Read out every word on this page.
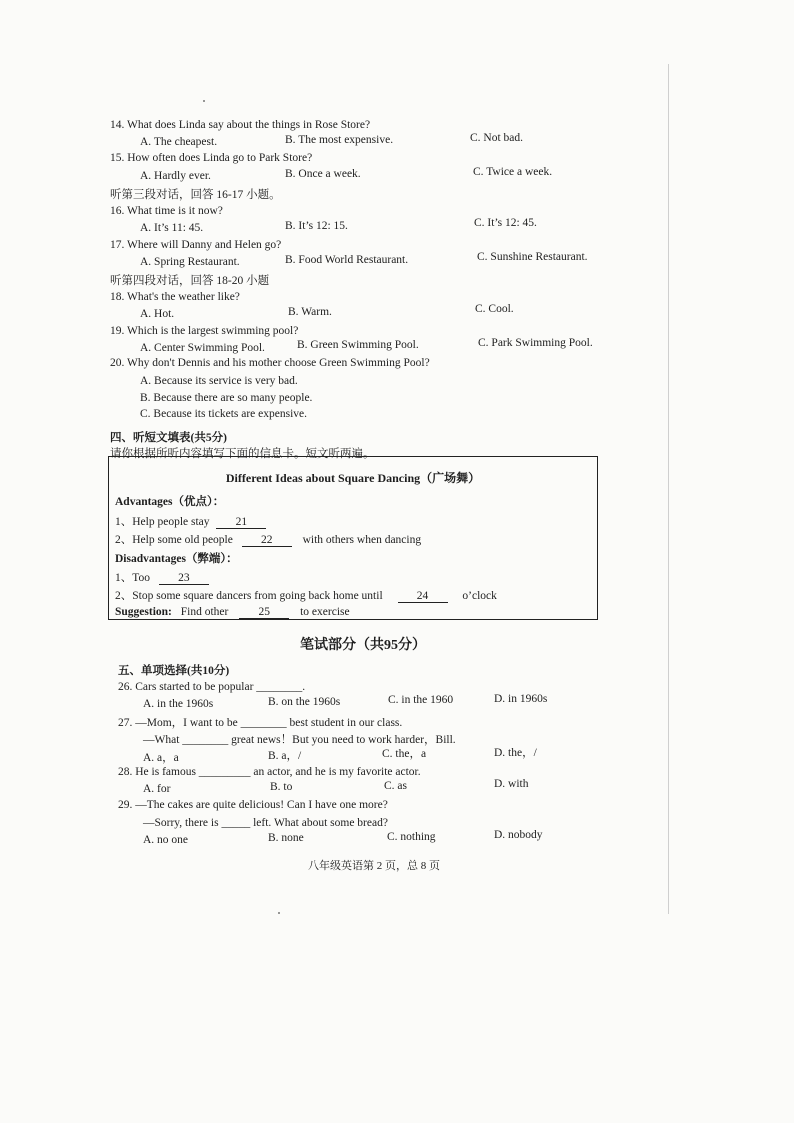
14. What does Linda say about the things in Rose Store?
A. The cheapest.	B. The most expensive.	C. Not bad.
15. How often does Linda go to Park Store?
A. Hardly ever.	B. Once a week.	C. Twice a week.
听第三段对话，回答 16-17 小题。
16. What time is it now?
A. It’s 11: 45.	B. It’s 12: 15.	C. It’s 12: 45.
17. Where will Danny and Helen go?
A. Spring Restaurant.	B. Food World Restaurant.	C. Sunshine Restaurant.
听第四段对话，回答 18-20 小题
18. What's the weather like?
A. Hot.	B. Warm.	C. Cool.
19. Which is the largest swimming pool?
A. Center Swimming Pool.	B. Green Swimming Pool.	C. Park Swimming Pool.
20. Why don't Dennis and his mother choose Green Swimming Pool?
A. Because its service is very bad.
B. Because there are so many people.
C. Because its tickets are expensive.
四、听短文填表(共5分)
请你根据所听内容填写下面的信息卡。短文听两遍。
Different Ideas about Square Dancing（广场舞）
Advantages（优点）：
1、Help people stay 21
2、Help some old people 22	with others when dancing
Disadvantages（弊端）：
1、Too 23
2、Stop some square dancers from going back home until	24	o’clock
Suggestion: Find other	25	to exercise
笔试部分（共95分）
五、单项选择(共10分)
26. Cars started to be popular ________.
A. in the 1960s	B. on the 1960s	C. in the 1960	D. in 1960s
27. —Mom，I want to be ________ best student in our class.
—What ________ great news！But you need to work harder，Bill.
A. a，a	B. a，/	C. the，a	D. the，/
28. He is famous _________ an actor, and he is my favorite actor.
A. for	B. to	C. as	D. with
29. —The cakes are quite delicious! Can I have one more?
—Sorry, there is _____ left. What about some bread?
A. no one	B. none	C. nothing	D. nobody
八年级英语第 2 页，总 8 页
